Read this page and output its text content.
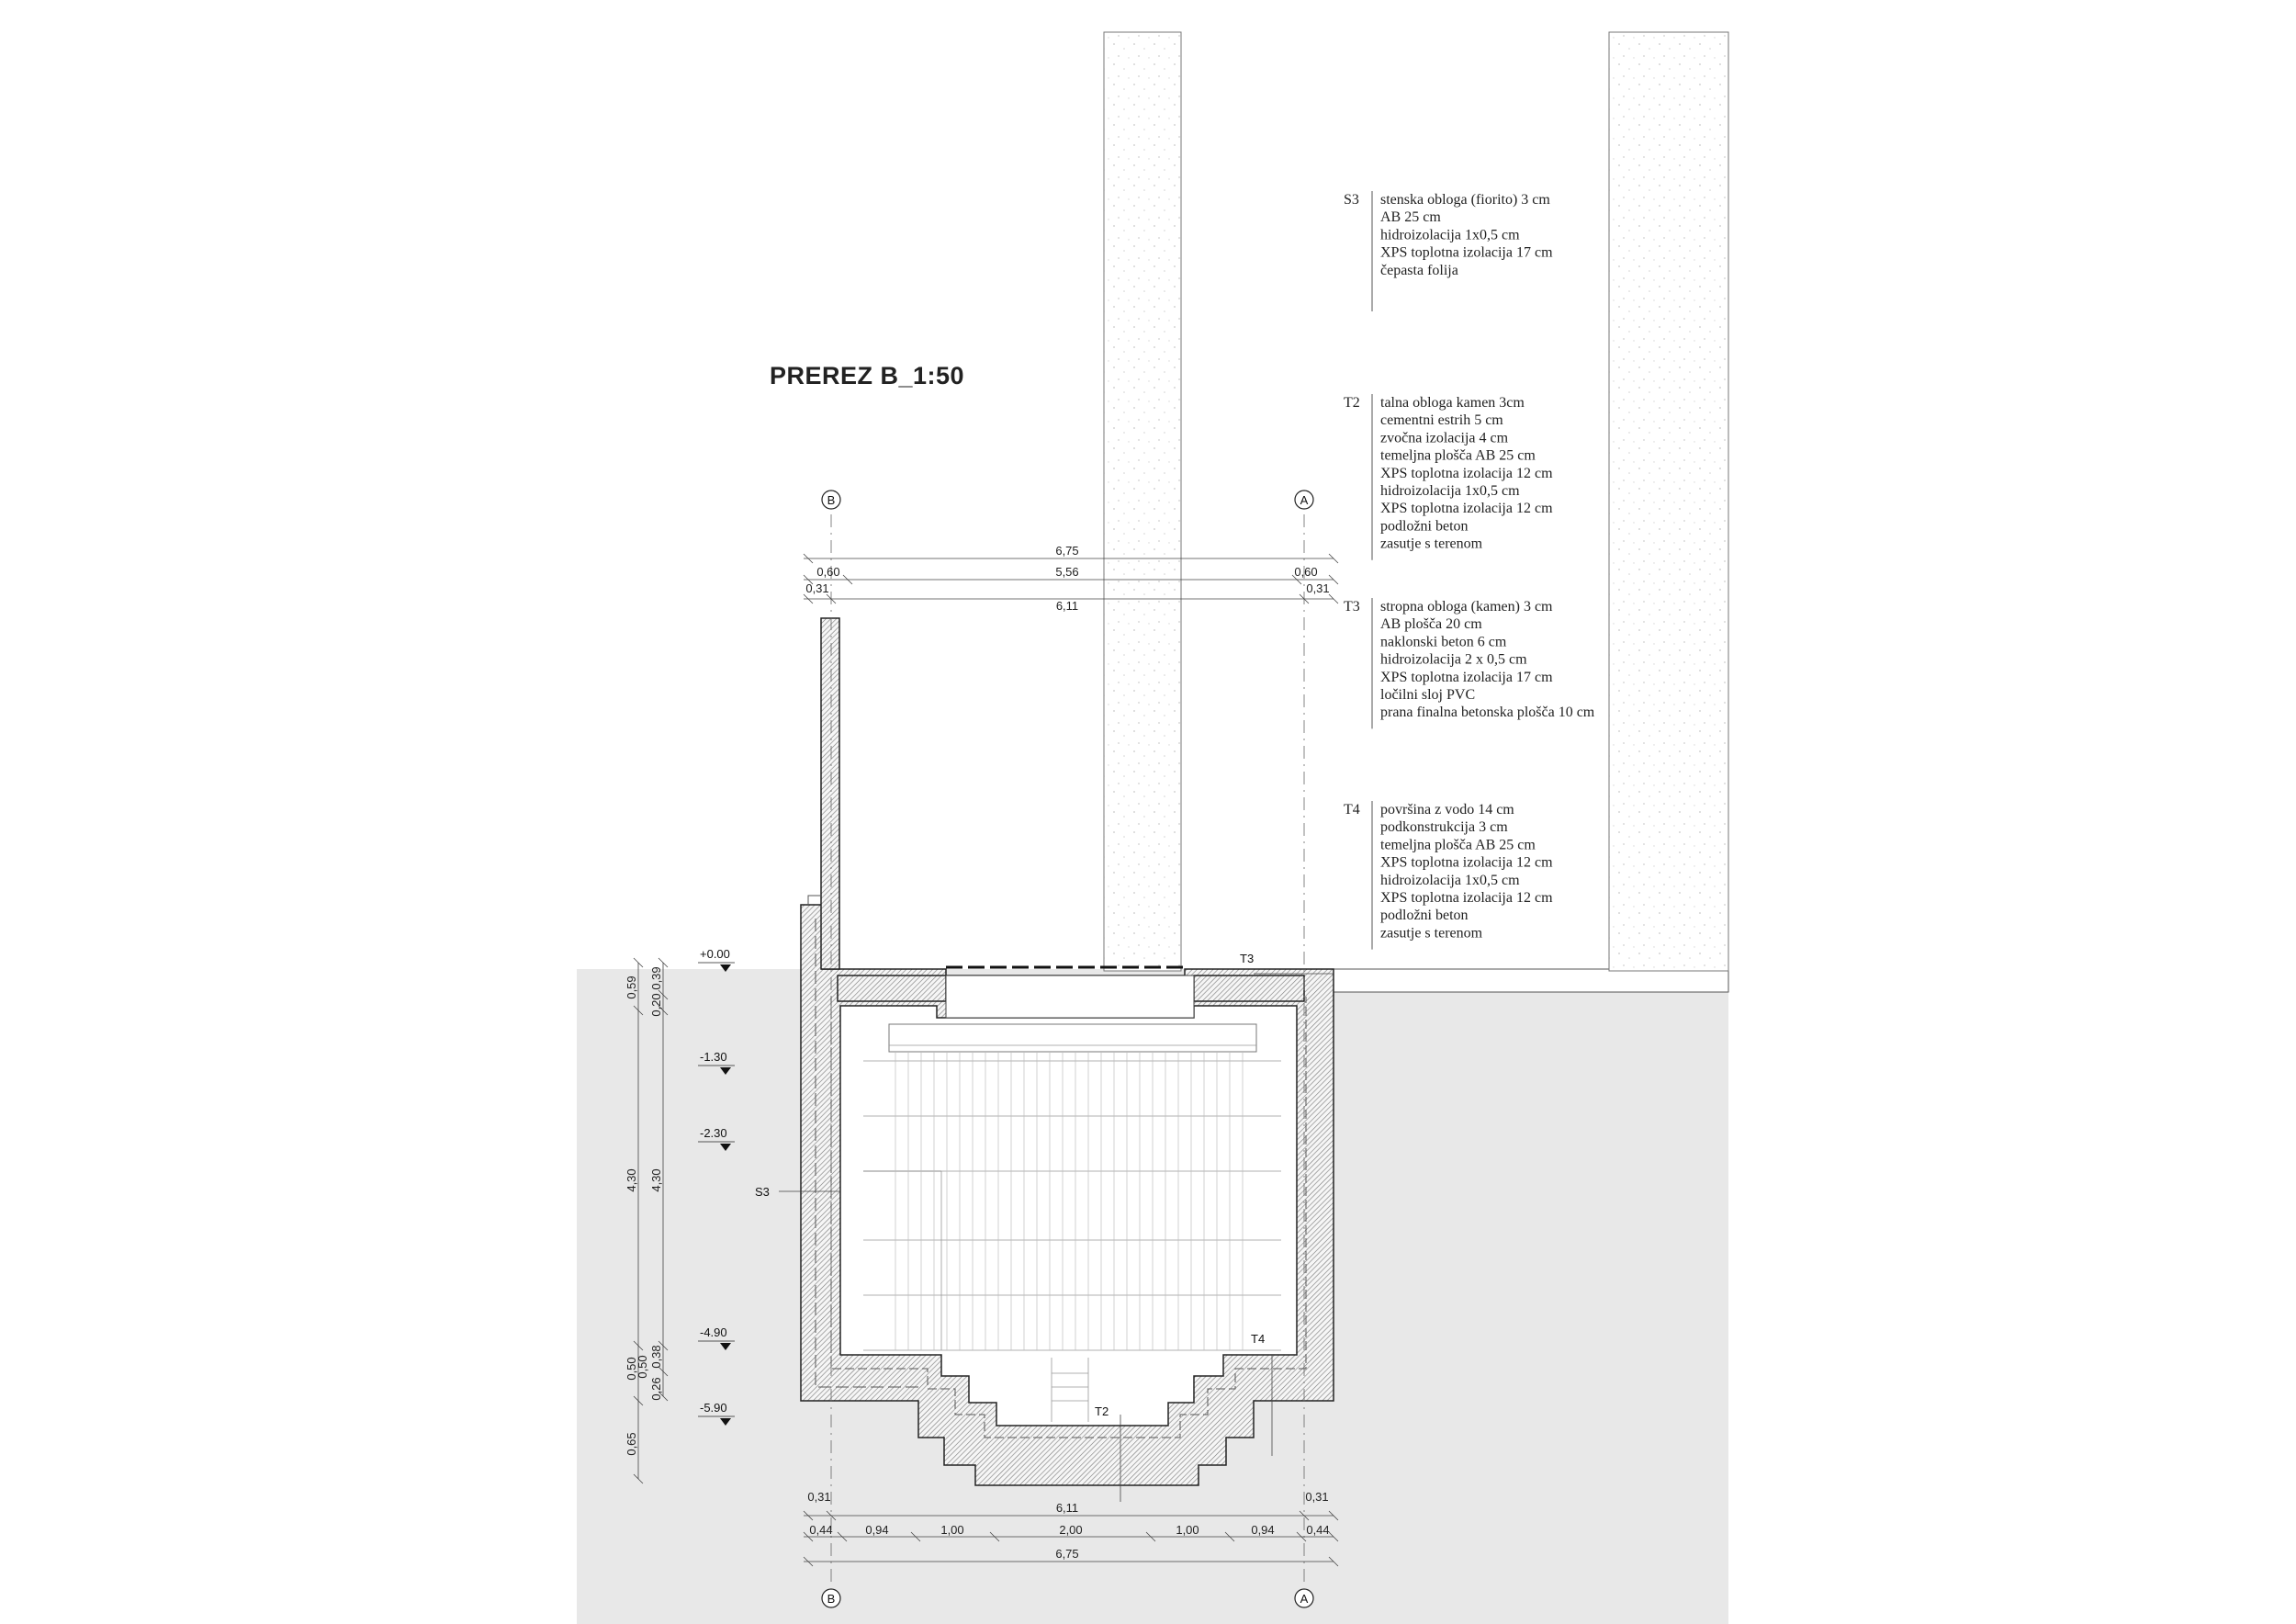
B
B
A
A
PREREZ B_1:50
6,75
0,60	5,56	0,60
0,31
6,11
0,31
0,31
6,11
0,31
0,44	0,94	1,00	2,00	1,00	0,94	0,44
6,75
+0.00
-1.30
-2.30
-4.90
-5.90
0,59
4,30
0,50
0,65
0,39
0,20
4,30
0,38
0,50
0,26
S3
T3
T4
T2
S3 stenska obloga (fiorito) 3 cm
AB 25 cm
hidroizolacija 1x0,5 cm
XPS toplotna izolacija 17 cm
čepasta folija
T2 talna obloga kamen 3cm
cementni estrih 5 cm
zvočna izolacija 4 cm
temeljna plošča AB 25 cm
XPS toplotna izolacija 12 cm
hidroizolacija 1x0,5 cm
XPS toplotna izolacija 12 cm
podložni beton
zasutje s terenom
T3 stropna obloga (kamen) 3 cm
AB plošča 20 cm
naklonski beton 6 cm
hidroizolacija 2 x 0,5 cm
XPS toplotna izolacija 17 cm
ločilni sloj PVC
prana finalna betonska plošča 10 cm
T4 površina z vodo 14 cm
podkonstrukcija 3 cm
temeljna plošča AB 25 cm
XPS toplotna izolacija 12 cm
hidroizolacija 1x0,5 cm
XPS toplotna izolacija 12 cm
podložni beton
zasutje s terenom
